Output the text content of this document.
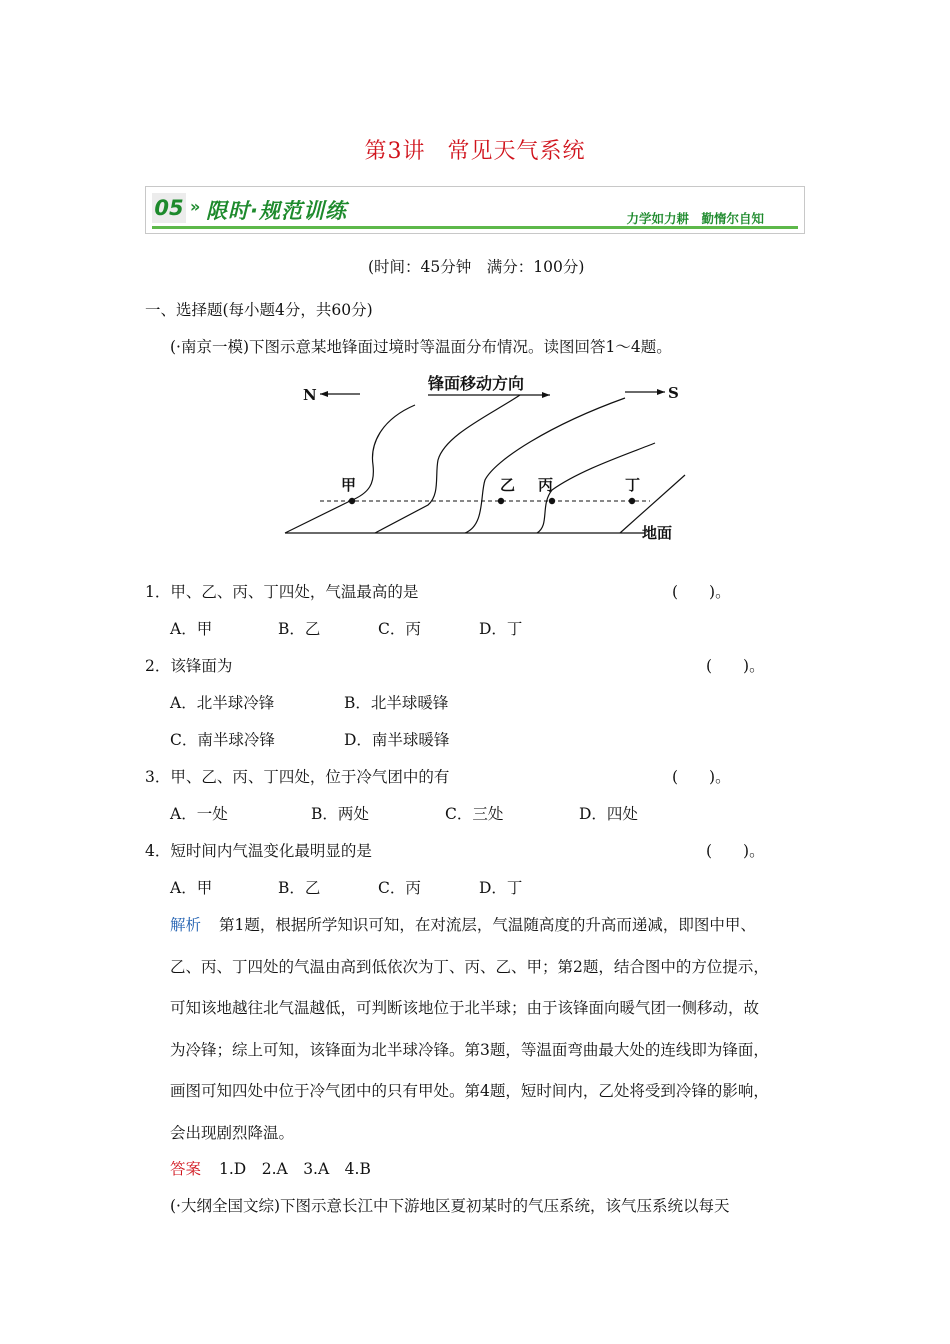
第3讲 常见天气系统
05 » 限时·规范训练	力学如力耕　勤惰尔自知
(时间：45分钟　满分：100分)
一、选择题(每小题4分，共60分)
(·南京一模)下图示意某地锋面过境时等温面分布情况。读图回答1～4题。
锋面移动方向
N	S
地面
甲	乙 丙	丁
1．甲、乙、丙、丁四处，气温最高的是	(　　)。
A．甲	B．乙	C．丙	D．丁
2．该锋面为	(　　)。
A．北半球冷锋	B．北半球暖锋
C．南半球冷锋	D．南半球暖锋
3．甲、乙、丙、丁四处，位于冷气团中的有	(　　)。
A．一处	B．两处	C．三处	D．四处
4．短时间内气温变化最明显的是	(　　)。
A．甲	B．乙	C．丙	D．丁
解析 第1题，根据所学知识可知，在对流层，气温随高度的升高而递减，即图中甲、
乙、丙、丁四处的气温由高到低依次为丁、丙、乙、甲；第2题，结合图中的方位提示，
可知该地越往北气温越低，可判断该地位于北半球；由于该锋面向暖气团一侧移动，故
为冷锋；综上可知，该锋面为北半球冷锋。第3题，等温面弯曲最大处的连线即为锋面，
画图可知四处中位于冷气团中的只有甲处。第4题，短时间内，乙处将受到冷锋的影响，
会出现剧烈降温。
答案 1.D　2.A　3.A　4.B
(·大纲全国文综)下图示意长江中下游地区夏初某时的气压系统，该气压系统以每天
